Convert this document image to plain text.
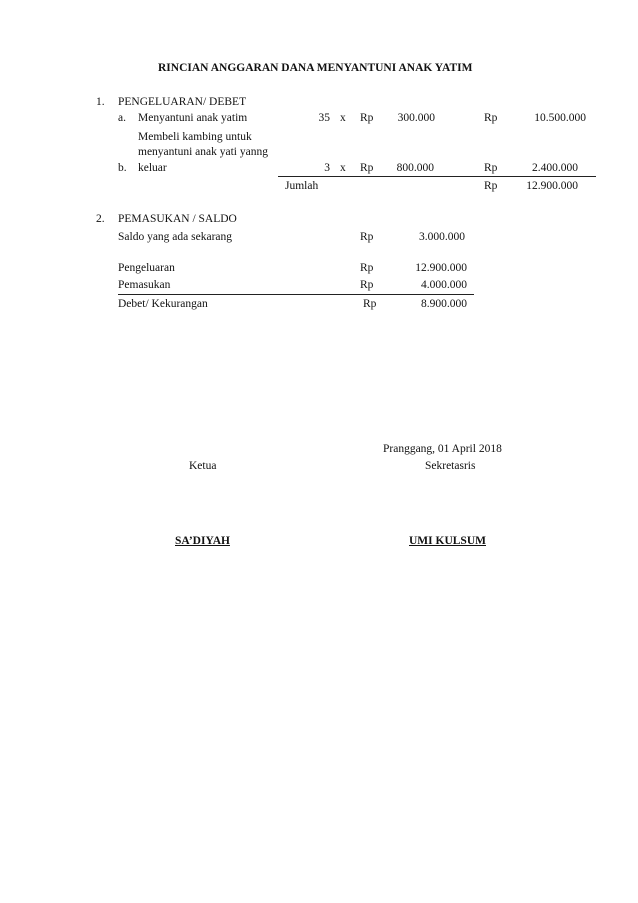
RINCIAN ANGGARAN DANA MENYANTUNI ANAK YATIM
1. PENGELUARAN/ DEBET
a. Menyantuni anak yatim	35 x Rp	300.000	Rp	10.500.000
Membeli kambing untuk
menyantuni anak yati yanng
b. keluar	3 x Rp	800.000	Rp	2.400.000
Jumlah	Rp	12.900.000
2. PEMASUKAN / SALDO
Saldo yang ada sekarang	Rp	3.000.000
Pengeluaran	Rp	12.900.000
Pemasukan	Rp	4.000.000
Debet/ Kekurangan	Rp	8.900.000
Pranggang, 01 April 2018
Ketua	Sekretasris
SA’DIYAH	UMI KULSUM
